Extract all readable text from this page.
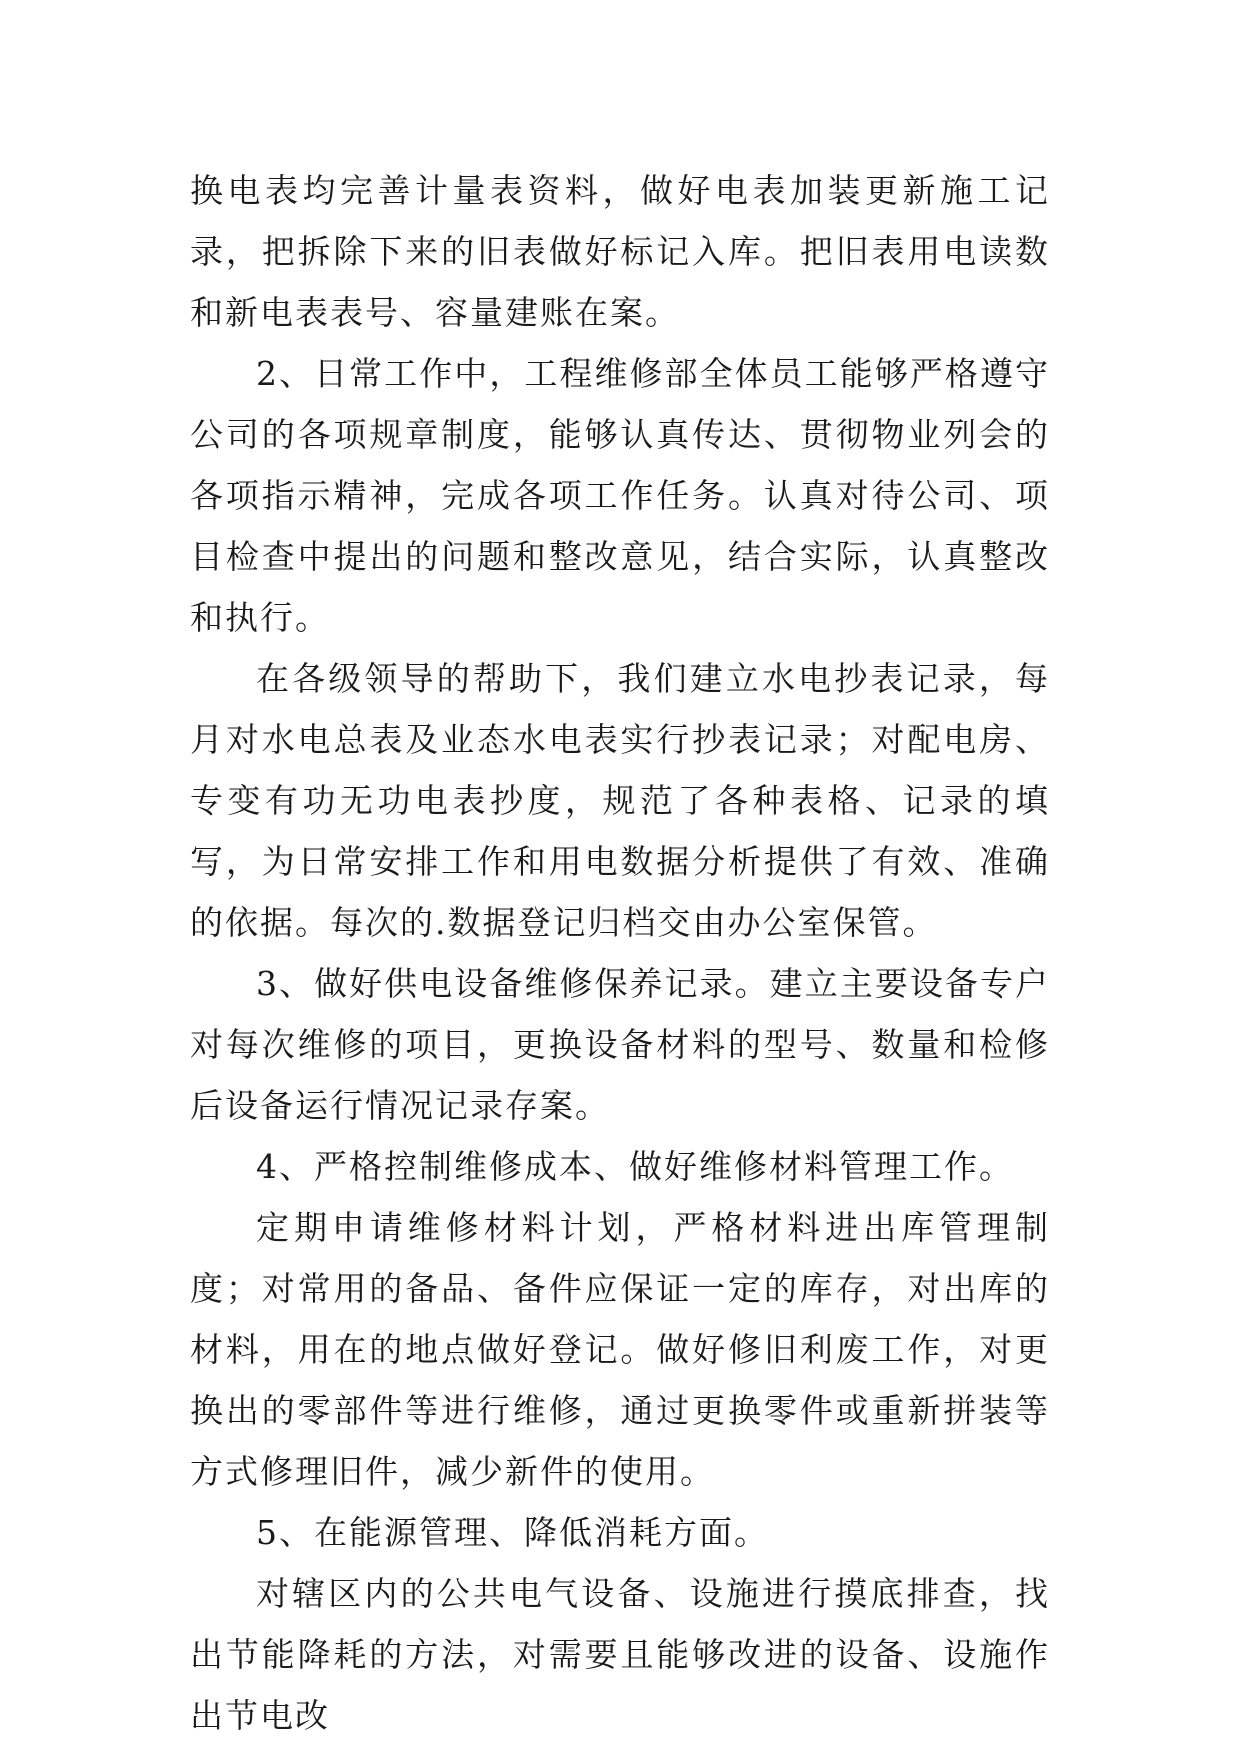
换电表均完善计量表资料，做好电表加装更新施工记录，把拆除下来的旧表做好标记入库。把旧表用电读数和新电表表号、容量建账在案。

2、日常工作中，工程维修部全体员工能够严格遵守公司的各项规章制度，能够认真传达、贯彻物业列会的各项指示精神，完成各项工作任务。认真对待公司、项目检查中提出的问题和整改意见，结合实际，认真整改和执行。

在各级领导的帮助下，我们建立水电抄表记录，每月对水电总表及业态水电表实行抄表记录；对配电房、专变有功无功电表抄度，规范了各种表格、记录的填写，为日常安排工作和用电数据分析提供了有效、准确的依据。每次的.数据登记归档交由办公室保管。

3、做好供电设备维修保养记录。建立主要设备专户对每次维修的项目，更换设备材料的型号、数量和检修后设备运行情况记录存案。

4、严格控制维修成本、做好维修材料管理工作。

定期申请维修材料计划，严格材料进出库管理制度；对常用的备品、备件应保证一定的库存，对出库的材料，用在的地点做好登记。做好修旧利废工作，对更换出的零部件等进行维修，通过更换零件或重新拼装等方式修理旧件，减少新件的使用。

5、在能源管理、降低消耗方面。

对辖区内的公共电气设备、设施进行摸底排查，找出节能降耗的方法，对需要且能够改进的设备、设施作出节电改
